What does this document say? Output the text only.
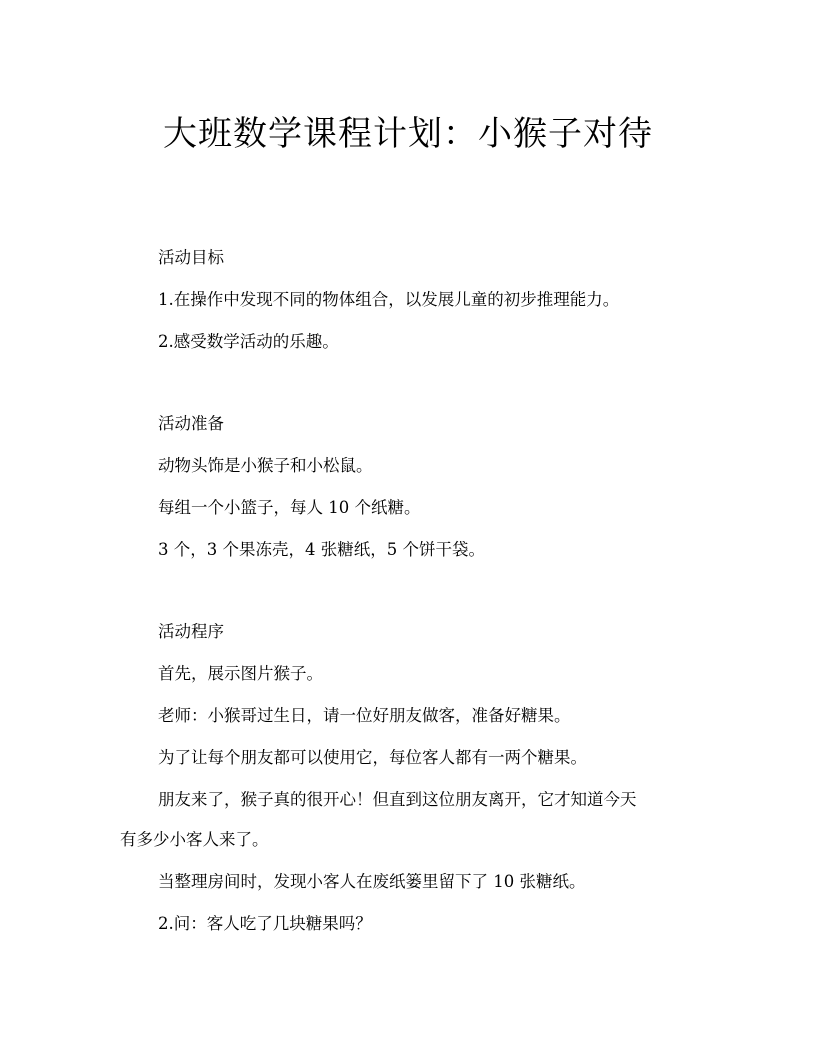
大班数学课程计划：小猴子对待

活动目标

1.在操作中发现不同的物体组合，以发展儿童的初步推理能力。

2.感受数学活动的乐趣。

活动准备

动物头饰是小猴子和小松鼠。

每组一个小篮子，每人 10 个纸糖。

3 个，3 个果冻壳，4 张糖纸，5 个饼干袋。

活动程序

首先，展示图片猴子。

老师：小猴哥过生日，请一位好朋友做客，准备好糖果。

为了让每个朋友都可以使用它，每位客人都有一两个糖果。

朋友来了，猴子真的很开心！但直到这位朋友离开，它才知道今天

有多少小客人来了。

当整理房间时，发现小客人在废纸篓里留下了 10 张糖纸。

2.问：客人吃了几块糖果吗？
